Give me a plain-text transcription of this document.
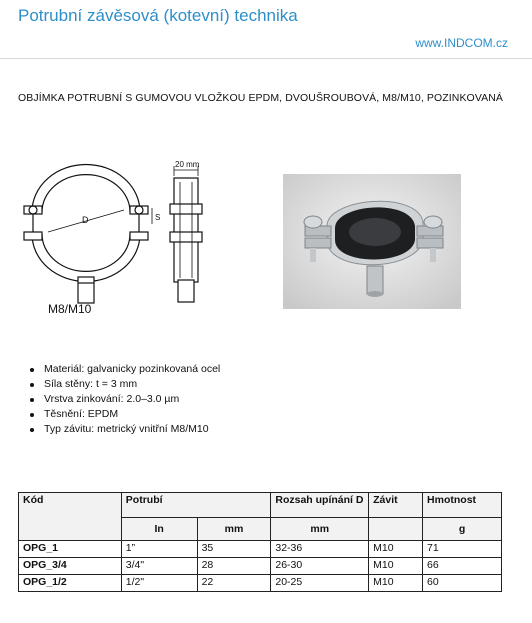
Potrubní závěsová (kotevní) technika
www.INDCOM.cz
OBJÍMKA POTRUBNÍ S GUMOVOU VLOŽKOU EPDM, DVOUŠROUBOVÁ, M8/M10, POZINKOVANÁ
20 mm
D	S
M8/M10
Materiál: galvanicky pozinkovaná ocel
Síla stěny: t = 3 mm
Vrstva zinkování: 2.0–3.0 µm
Těsnění: EPDM
Typ závitu: metrický vnitřní M8/M10
Kód	Potrubí		Rozsah upínání D	Závit	Hmotnost
	In	mm	mm		g
OPG_1	1”	35	32-36	M10	71
OPG_3/4	3/4"	28	26-30	M10	66
OPG_1/2	1/2"	22	20-25	M10	60
